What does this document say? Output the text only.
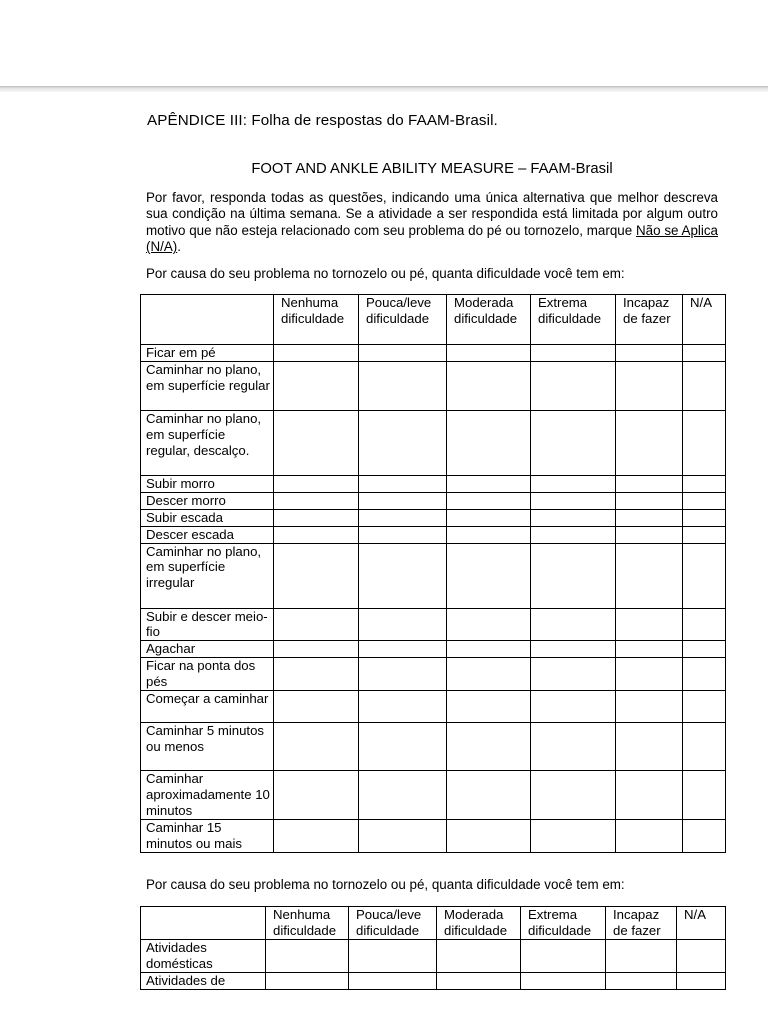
APÊNDICE III: Folha de respostas do FAAM-Brasil.
FOOT AND ANKLE ABILITY MEASURE – FAAM-Brasil
Por favor, responda todas as questões, indicando uma única alternativa que melhor descreva sua condição na última semana. Se a atividade a ser respondida está limitada por algum outro motivo que não esteja relacionado com seu problema do pé ou tornozelo, marque Não se Aplica (N/A).
Por causa do seu problema no tornozelo ou pé, quanta dificuldade você tem em:
	Nenhuma dificuldade	Pouca/leve dificuldade	Moderada dificuldade	Extrema dificuldade	Incapaz de fazer	N/A
Ficar em pé						
Caminhar no plano, em superfície regular						
Caminhar no plano, em superfície regular, descalço.						
Subir morro						
Descer morro						
Subir escada						
Descer escada						
Caminhar no plano, em superfície irregular						
Subir e descer meio-fio						
Agachar						
Ficar na ponta dos pés						
Começar a caminhar						
Caminhar 5 minutos ou menos						
Caminhar aproximadamente 10 minutos						
Caminhar 15 minutos ou mais						
Por causa do seu problema no tornozelo ou pé, quanta dificuldade você tem em:
	Nenhuma dificuldade	Pouca/leve dificuldade	Moderada dificuldade	Extrema dificuldade	Incapaz de fazer	N/A
Atividades domésticas						
Atividades de						
